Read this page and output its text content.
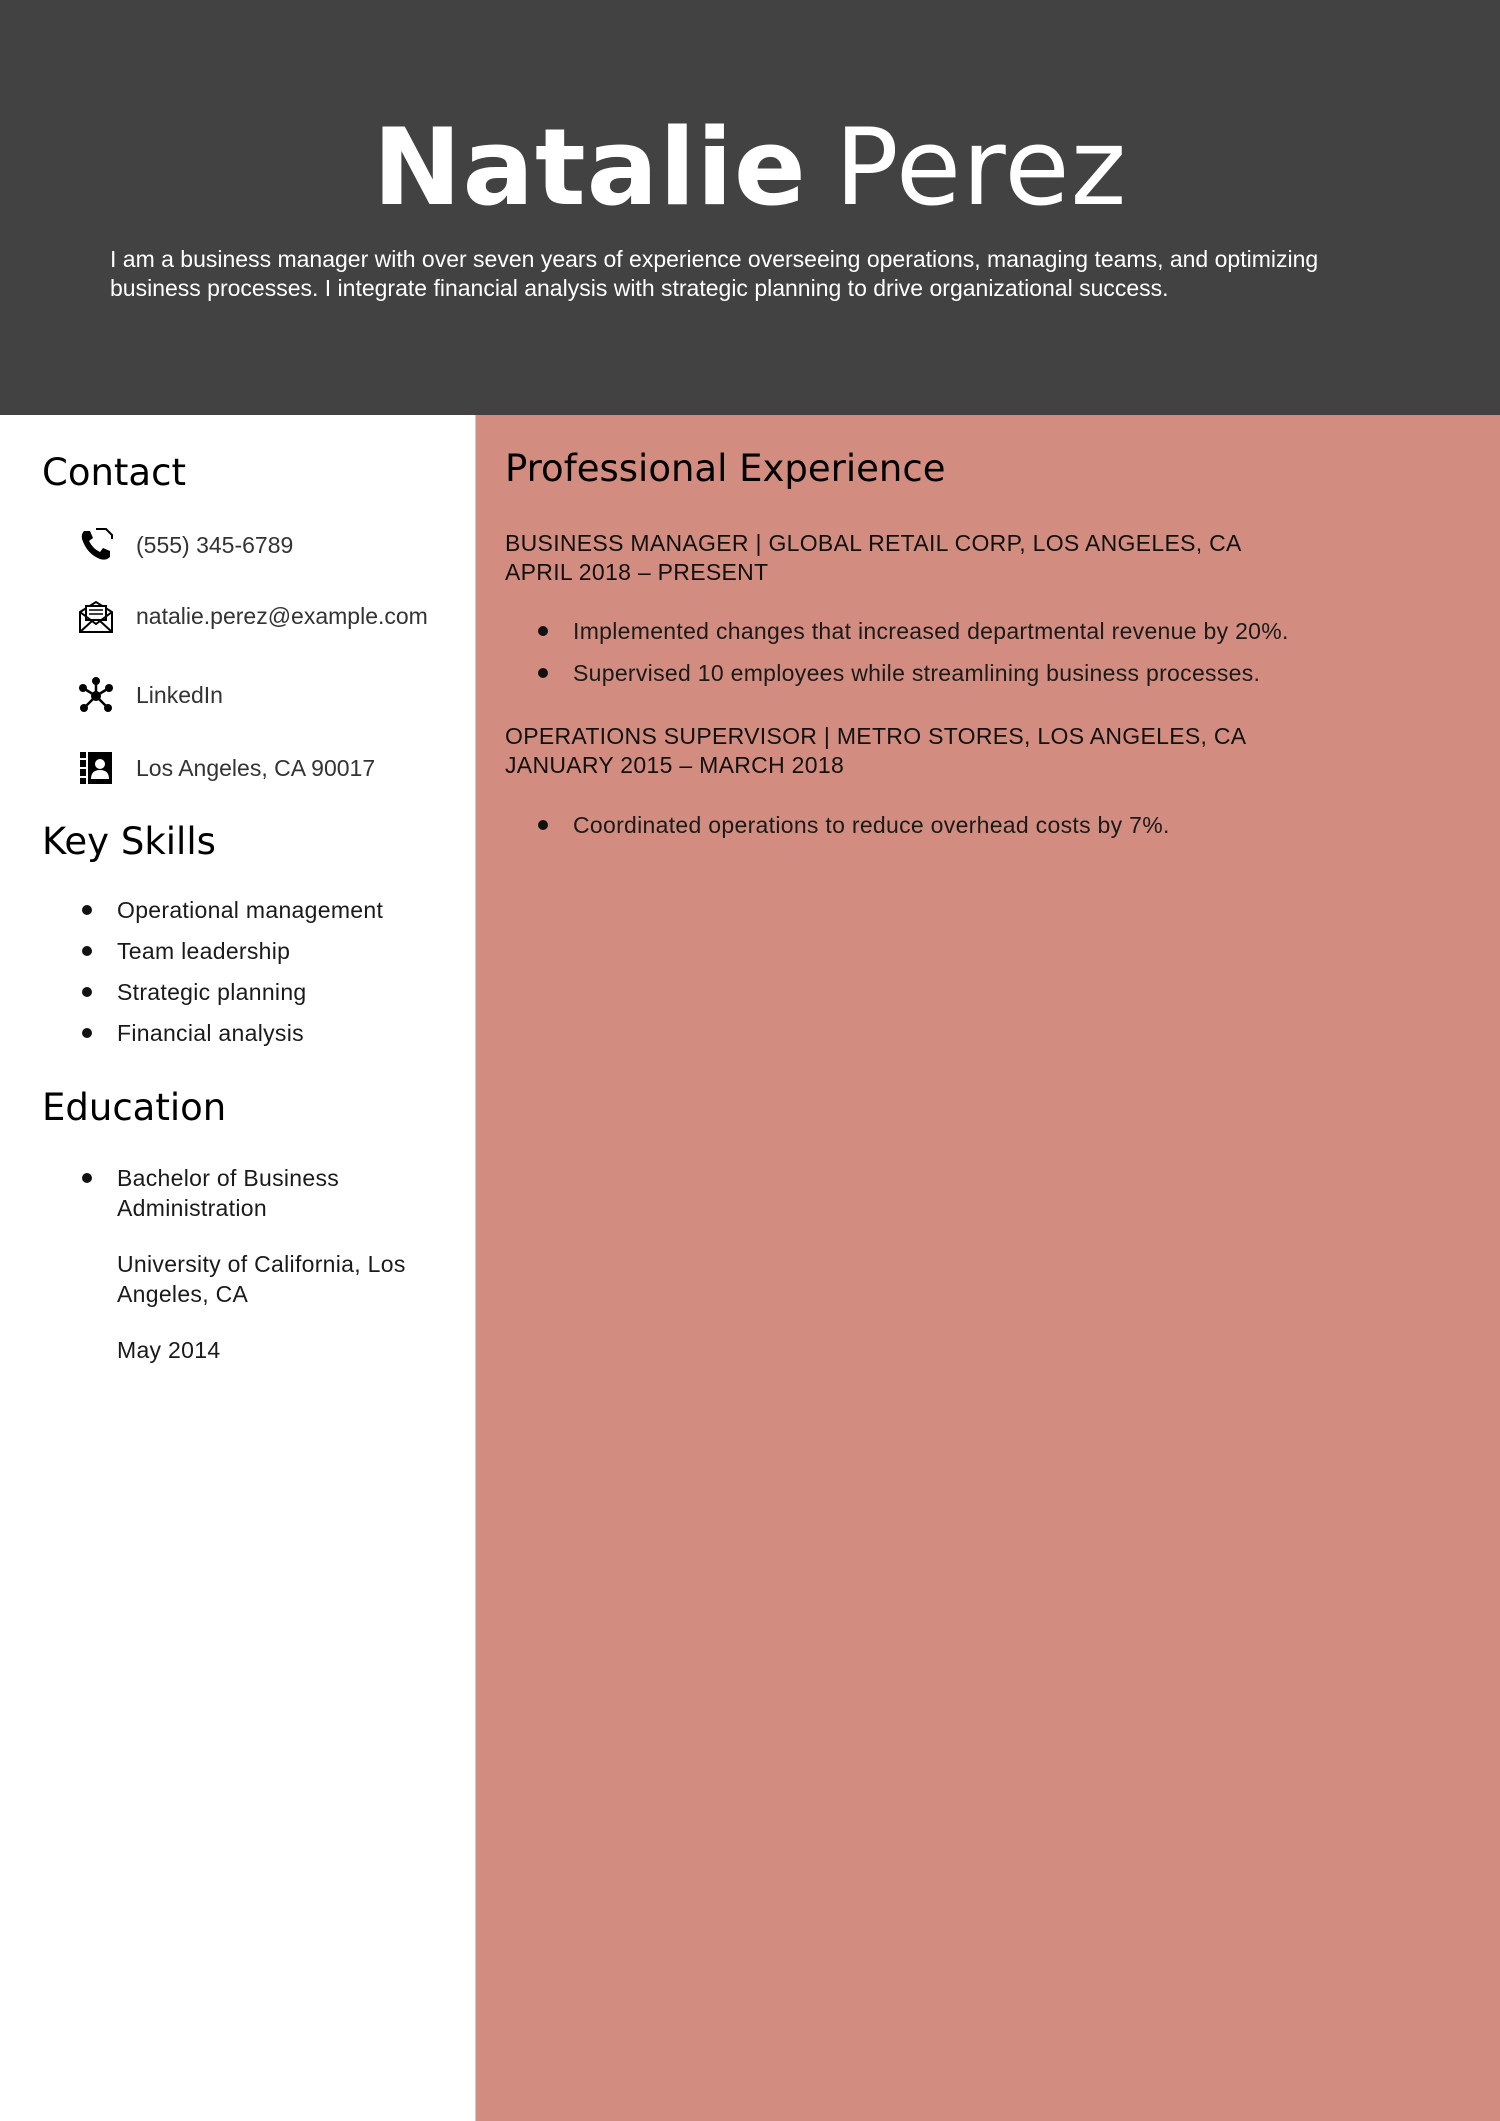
Natalie Perez
I am a business manager with over seven years of experience overseeing operations, managing teams, and optimizing business processes. I integrate financial analysis with strategic planning to drive organizational success.
Contact
(555) 345-6789
natalie.perez@example.com
LinkedIn
Los Angeles, CA 90017
Key Skills
Operational management
Team leadership
Strategic planning
Financial analysis
Education
Bachelor of Business Administration
University of California, Los Angeles, CA
May 2014
Professional Experience
BUSINESS MANAGER | GLOBAL RETAIL CORP, LOS ANGELES, CA
APRIL 2018 – PRESENT
Implemented changes that increased departmental revenue by 20%.
Supervised 10 employees while streamlining business processes.
OPERATIONS SUPERVISOR | METRO STORES, LOS ANGELES, CA
JANUARY 2015 – MARCH 2018
Coordinated operations to reduce overhead costs by 7%.
